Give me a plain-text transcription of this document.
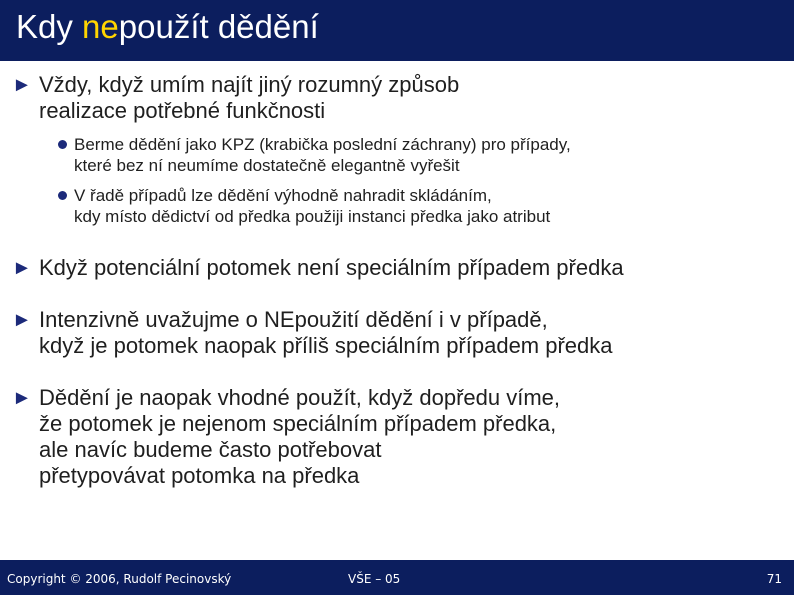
Kdy nepoužít dědění
► Vždy, když umím najít jiný rozumný způsob
realizace potřebné funkčnosti
Berme dědění jako KPZ (krabička poslední záchrany) pro případy,
které bez ní neumíme dostatečně elegantně vyřešit
V řadě případů lze dědění výhodně nahradit skládáním,
kdy místo dědictví od předka použiji instanci předka jako atribut
► Když potenciální potomek není speciálním případem předka
► Intenzivně uvažujme o NEpoužití dědění i v případě,
když je potomek naopak příliš speciálním případem předka
► Dědění je naopak vhodné použít, když dopředu víme,
že potomek je nejenom speciálním případem předka,
ale navíc budeme často potřebovat
přetypovávat potomka na předka
Copyright © 2006, Rudolf Pecinovský	VŠE – 05	71
